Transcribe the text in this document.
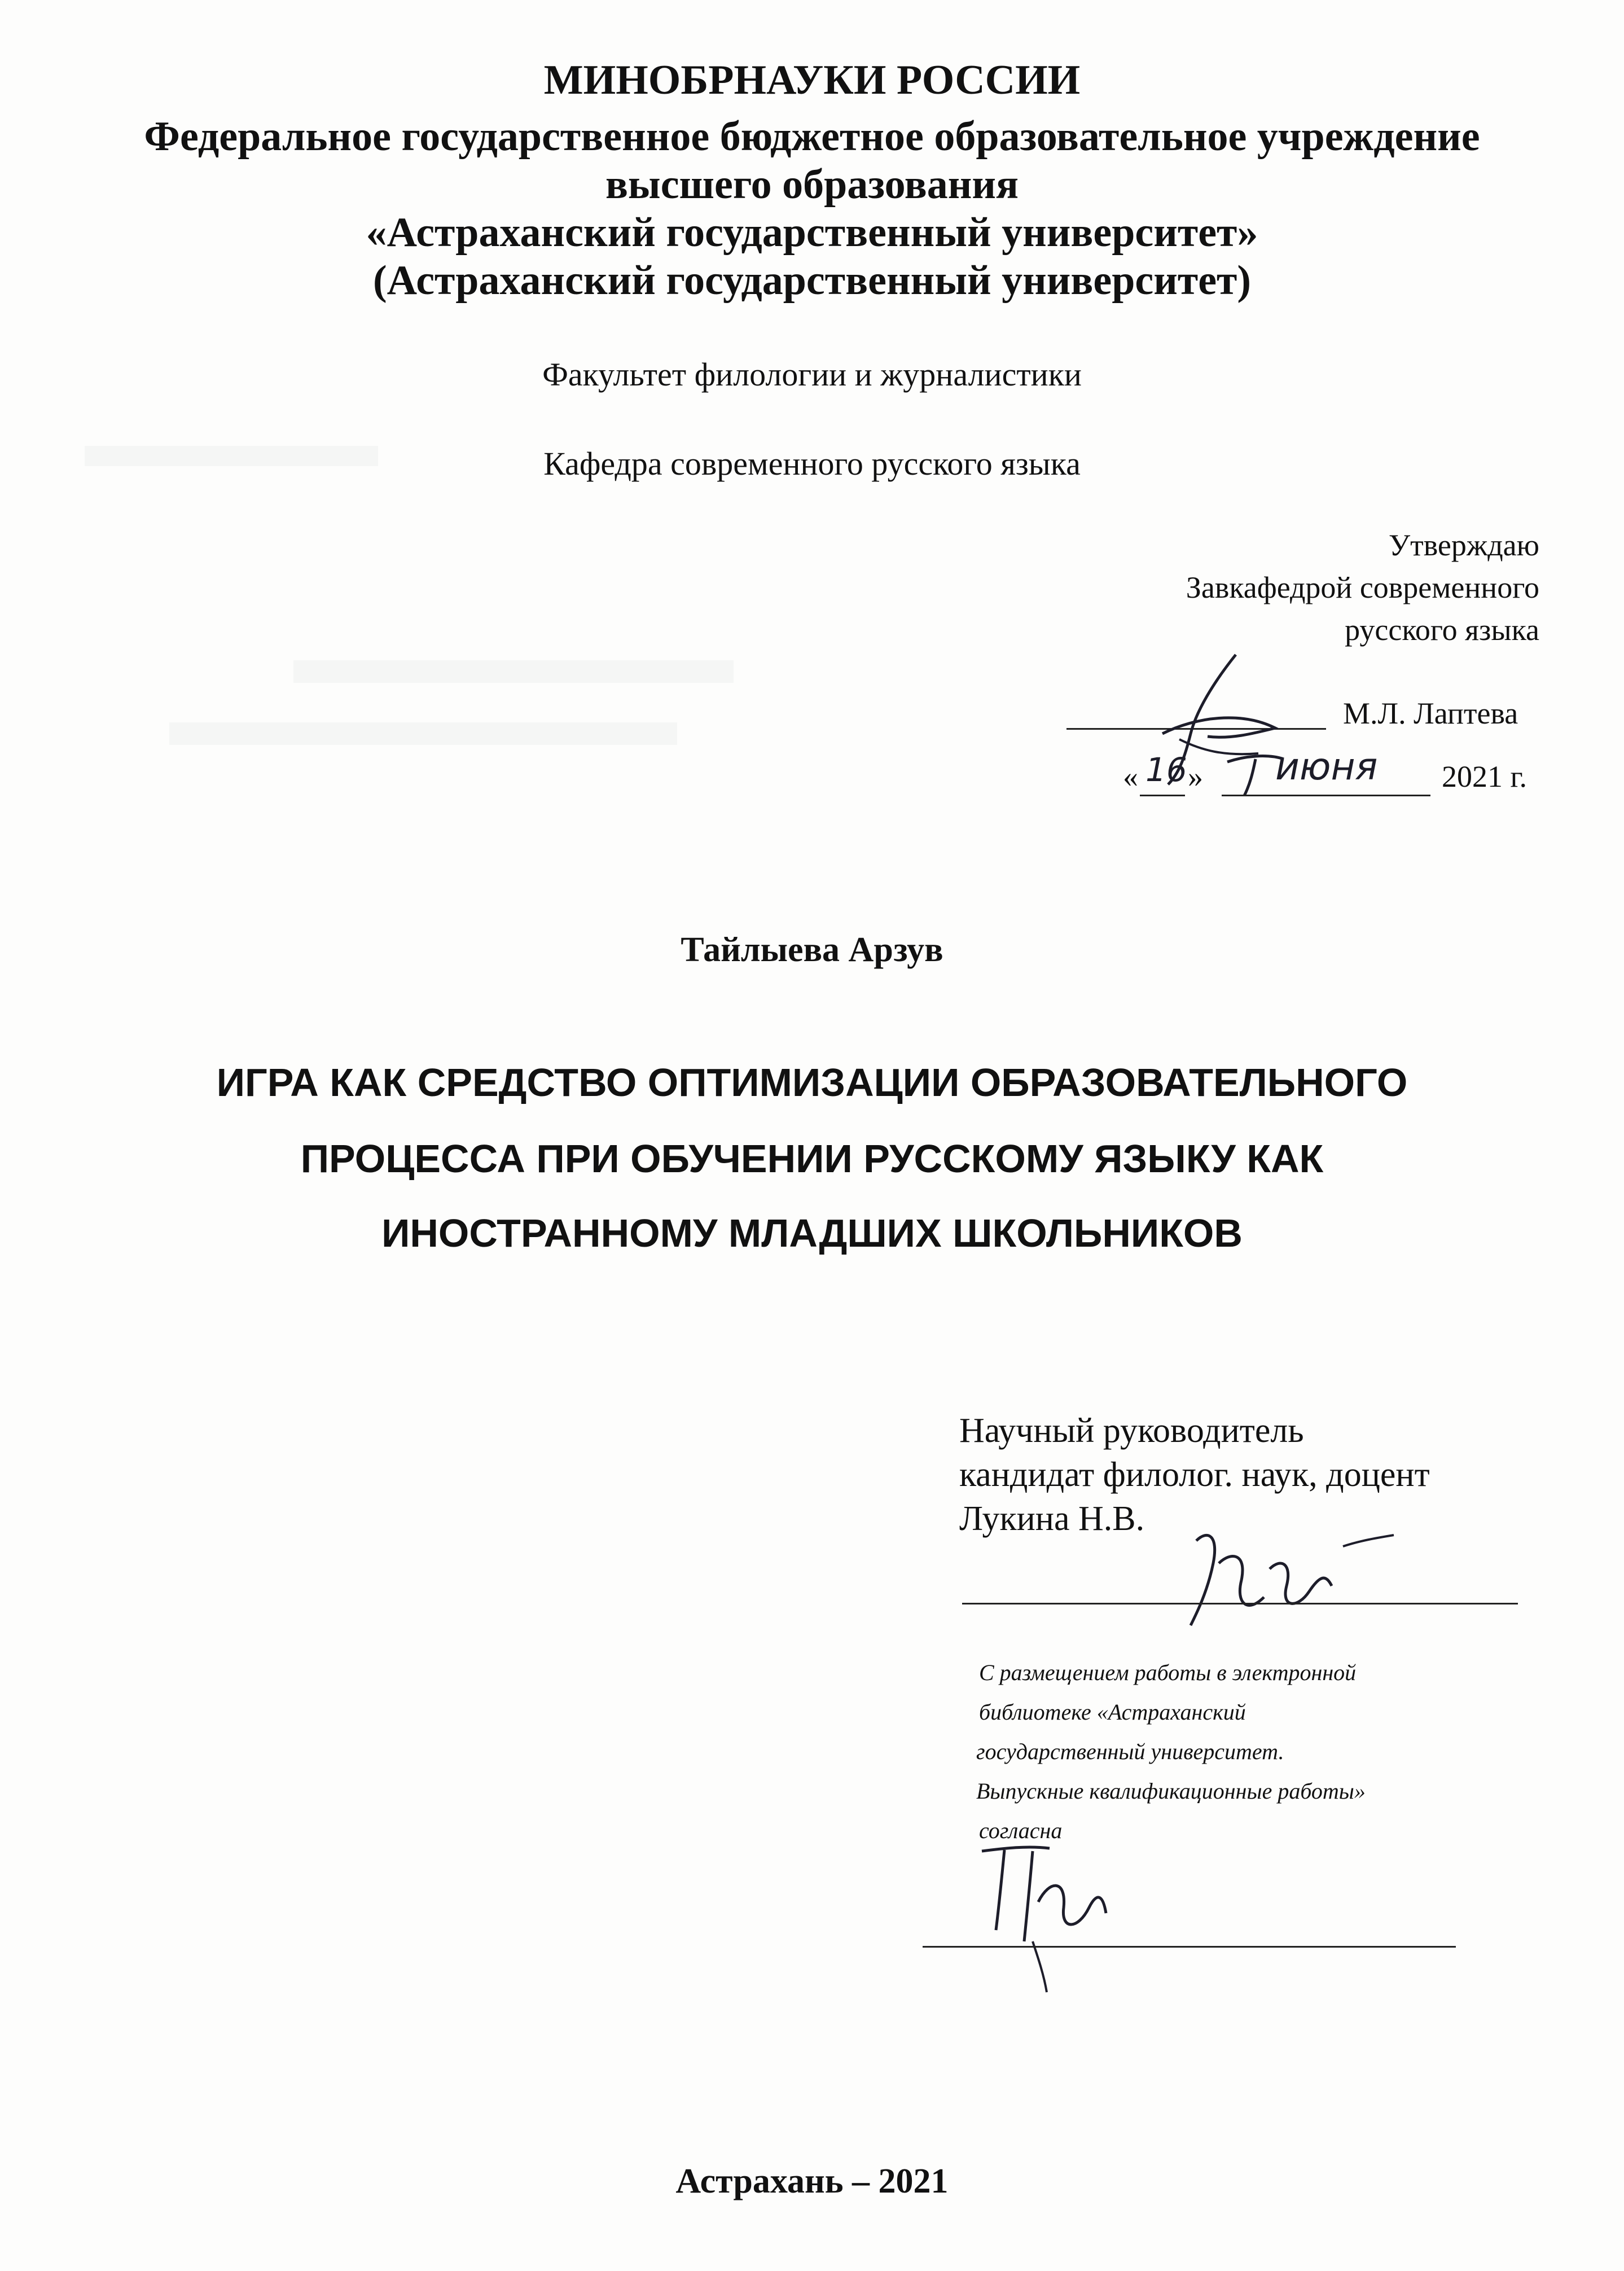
МИНОБРНАУКИ РОССИИ
Федеральное государственное бюджетное образовательное учреждение
высшего образования
«Астраханский государственный университет»
(Астраханский государственный университет)
Факультет филологии и журналистики
Кафедра современного русского языка
Утверждаю
Завкафедрой современного
русского языка
М.Л. Лаптева
« 16 » июня 2021 г.
Тайлыева Арзув
ИГРА КАК СРЕДСТВО ОПТИМИЗАЦИИ ОБРАЗОВАТЕЛЬНОГО
ПРОЦЕССА ПРИ ОБУЧЕНИИ РУССКОМУ ЯЗЫКУ КАК
ИНОСТРАННОМУ МЛАДШИХ ШКОЛЬНИКОВ
Научный руководитель
кандидат филолог. наук, доцент
Лукина Н.В.
С размещением работы в электронной
библиотеке «Астраханский
государственный университет.
Выпускные квалификационные работы»
согласна
Астрахань – 2021
